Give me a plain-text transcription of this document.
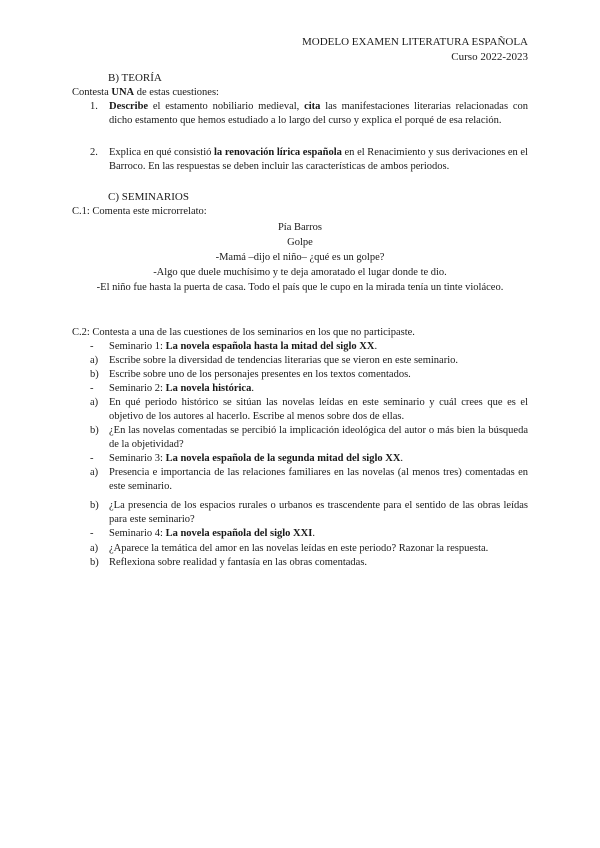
MODELO EXAMEN LITERATURA ESPAÑOLA
Curso 2022-2023
B) TEORÍA
Contesta UNA de estas cuestiones:
1. Describe el estamento nobiliario medieval, cita las manifestaciones literarias relacionadas con dicho estamento que hemos estudiado a lo largo del curso y explica el porqué de esa relación.
2. Explica en qué consistió la renovación lírica española en el Renacimiento y sus derivaciones en el Barroco. En las respuestas se deben incluir las características de ambos periodos.
C) SEMINARIOS
C.1: Comenta este microrrelato:
Pía Barros
Golpe
-Mamá –dijo el niño– ¿qué es un golpe?
-Algo que duele muchísimo y te deja amoratado el lugar donde te dio.
-El niño fue hasta la puerta de casa. Todo el país que le cupo en la mirada tenía un tinte violáceo.
C.2: Contesta a una de las cuestiones de los seminarios en los que no participaste.
-	Seminario 1: La novela española hasta la mitad del siglo XX.
a)	Escribe sobre la diversidad de tendencias literarias que se vieron en este seminario.
b) Escribe sobre uno de los personajes presentes en los textos comentados.
-	Seminario 2: La novela histórica.
a)	En qué periodo histórico se sitúan las novelas leídas en este seminario y cuál crees que es el objetivo de los autores al hacerlo. Escribe al menos sobre dos de ellas.
b) ¿En las novelas comentadas se percibió la implicación ideológica del autor o más bien la búsqueda de la objetividad?
-	Seminario 3: La novela española de la segunda mitad del siglo XX.
a)	Presencia e importancia de las relaciones familiares en las novelas (al menos tres) comentadas en este seminario.
b) ¿La presencia de los espacios rurales o urbanos es trascendente para el sentido de las obras leídas para este seminario?
-	Seminario 4: La novela española del siglo XXI.
a)	¿Aparece la temática del amor en las novelas leídas en este periodo? Razonar la respuesta.
b) Reflexiona sobre realidad y fantasía en las obras comentadas.
